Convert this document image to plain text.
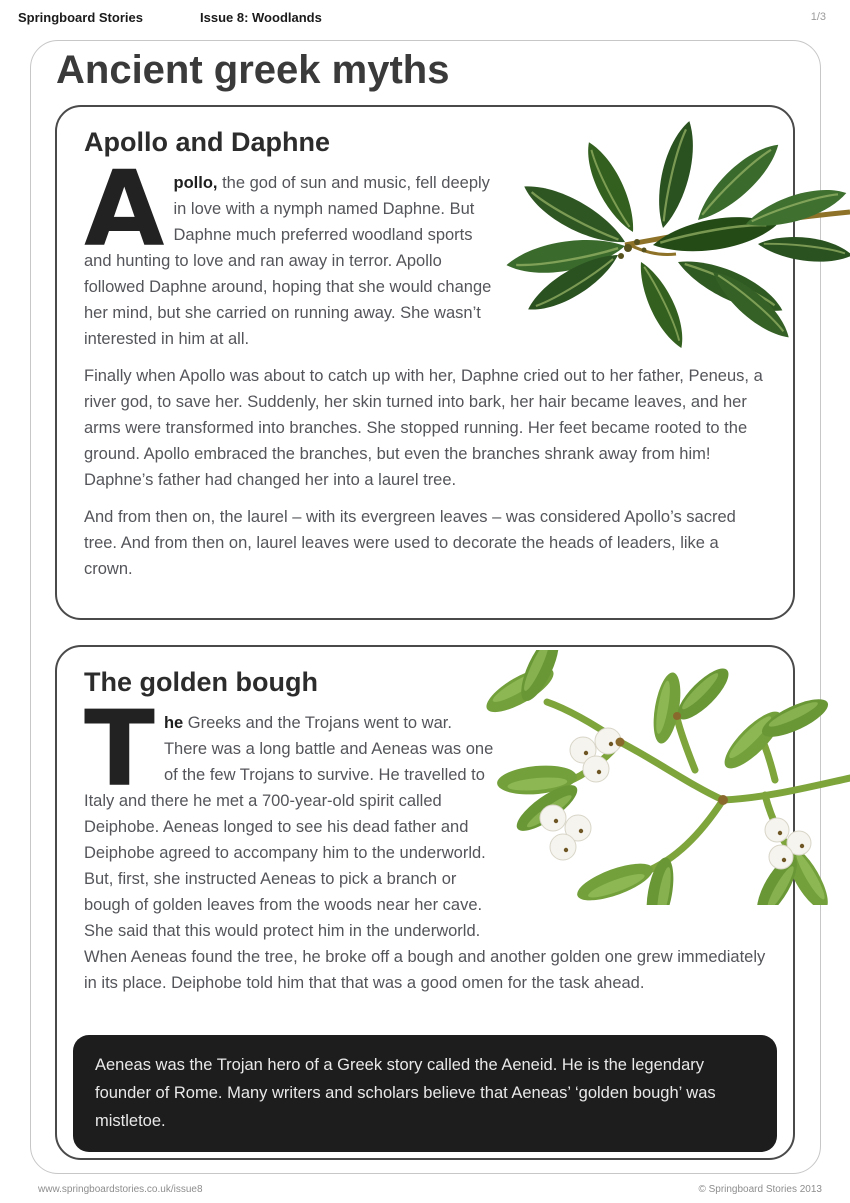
Springboard Stories	Issue 8: Woodlands	1/3
Ancient greek myths
Apollo and Daphne

Apollo, the god of sun and music, fell deeply in love with a nymph named Daphne. But Daphne much preferred woodland sports and hunting to love and ran away in terror. Apollo followed Daphne around, hoping that she would change her mind, but she carried on running away. She wasn’t interested in him at all.

Finally when Apollo was about to catch up with her, Daphne cried out to her father, Peneus, a river god, to save her. Suddenly, her skin turned into bark, her hair became leaves, and her arms were transformed into branches. She stopped running. Her feet became rooted to the ground. Apollo embraced the branches, but even the branches shrank away from him! Daphne’s father had changed her into a laurel tree.

And from then on, the laurel – with its evergreen leaves – was considered Apollo’s sacred tree. And from then on, laurel leaves were used to decorate the heads of leaders, like a crown.

The golden bough

The Greeks and the Trojans went to war. There was a long battle and Aeneas was one of the few Trojans to survive. He travelled to Italy and there he met a 700-year-old spirit called Deiphobe. Aeneas longed to see his dead father and Deiphobe agreed to accompany him to the underworld. But, first, she instructed Aeneas to pick a branch or bough of golden leaves from the woods near her cave. She said that this would protect him in the underworld. When Aeneas found the tree, he broke off a bough and another golden one grew immediately in its place. Deiphobe told him that that was a good omen for the task ahead.

Aeneas was the Trojan hero of a Greek story called the Aeneid. He is the legendary founder of Rome. Many writers and scholars believe that Aeneas’ ‘golden bough’ was mistletoe.
www.springboardstories.co.uk/issue8	© Springboard Stories 2013
